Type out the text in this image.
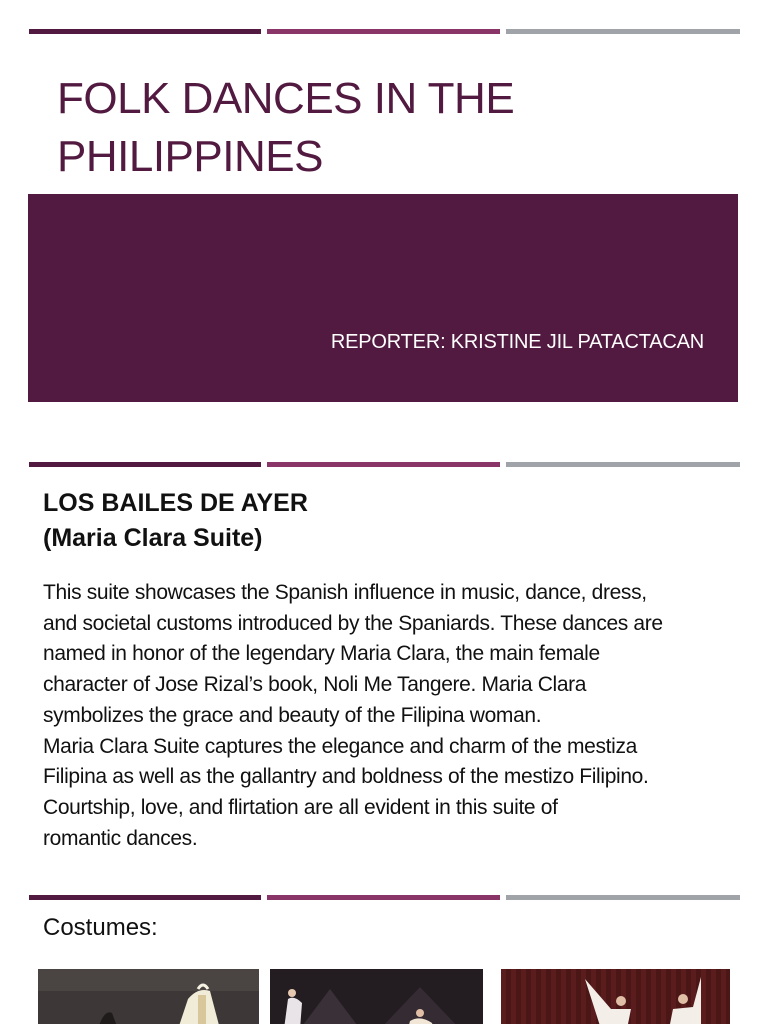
FOLK DANCES IN THE
PHILIPPINES
REPORTER: KRISTINE JIL PATACTACAN
LOS BAILES DE AYER
(Maria Clara Suite)
This suite showcases the Spanish influence in music, dance, dress,
and societal customs introduced by the Spaniards. These dances are
named in honor of the legendary Maria Clara, the main female
character of Jose Rizal’s book, Noli Me Tangere. Maria Clara
symbolizes the grace and beauty of the Filipina woman.
Maria Clara Suite captures the elegance and charm of the mestiza
Filipina as well as the gallantry and boldness of the mestizo Filipino.
Courtship, love, and flirtation are all evident in this suite of
romantic dances.
Costumes:
